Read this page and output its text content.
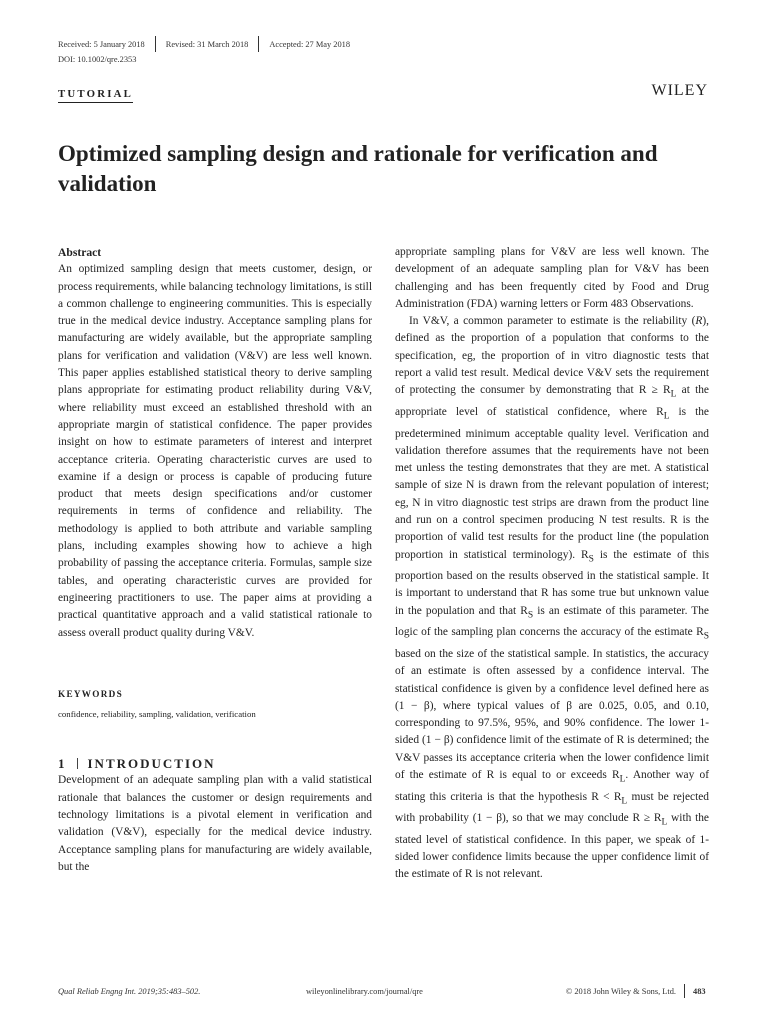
Received: 5 January 2018	Revised: 31 March 2018	Accepted: 27 May 2018
DOI: 10.1002/qre.2353
TUTORIAL	WILEY
Optimized sampling design and rationale for verification and validation
Abstract

An optimized sampling design that meets customer, design, or process requirements, while balancing technology limitations, is still a common challenge to engineering communities. This is especially true in the medical device industry. Acceptance sampling plans for manufacturing are widely available, but the appropriate sampling plans for verification and validation (V&V) are less well known. This paper applies established statistical theory to derive sampling plans appropriate for estimating product reliability during V&V, where reliability must exceed an established threshold with an appropriate margin of statistical confidence. The paper provides insight on how to estimate parameters of interest and interpret acceptance criteria. Operating characteristic curves are used to examine if a design or process is capable of producing future product that meets design specifications and/or customer requirements in terms of confidence and reliability. The methodology is applied to both attribute and variable sampling plans, including examples showing how to achieve a high probability of passing the acceptance criteria. Formulas, sample size tables, and operating characteristic curves are provided for engineering practitioners to use. The paper aims at providing a practical quantitative approach and a valid statistical rationale to assess overall product quality during V&V.

KEYWORDS
confidence, reliability, sampling, validation, verification
1 INTRODUCTION

Development of an adequate sampling plan with a valid statistical rationale that balances the customer or design requirements and technology limitations is a pivotal element in verification and validation (V&V), especially for the medical device industry. Acceptance sampling plans for manufacturing are widely available, but the

appropriate sampling plans for V&V are less well known. The development of an adequate sampling plan for V&V has been challenging and has been frequently cited by Food and Drug Administration (FDA) warning letters or Form 483 Observations.

In V&V, a common parameter to estimate is the reliability (R), defined as the proportion of a population that conforms to the specification, eg, the proportion of in vitro diagnostic tests that report a valid test result. Medical device V&V sets the requirement of protecting the consumer by demonstrating that $R \ge R_L$ at the appropriate level of statistical confidence, where $R_L$ is the predetermined minimum acceptable quality level. Verification and validation therefore assumes that the requirements have not been met unless the testing demonstrates that they are met. A statistical sample of size N is drawn from the relevant population of interest; eg, N in vitro diagnostic test strips are drawn from the product line and run on a control specimen producing N test results. R is the proportion of valid test results for the product line (the population proportion in statistical terminology). $R_S$ is the estimate of this proportion based on the results observed in the statistical sample. It is important to understand that R has some true but unknown value in the population and that $R_S$ is an estimate of this parameter. The logic of the sampling plan concerns the accuracy of the estimate $R_S$ based on the size of the statistical sample. In statistics, the accuracy of an estimate is often assessed by a confidence interval. The statistical confidence is given by a confidence level defined here as (1 − β), where typical values of β are 0.025, 0.05, and 0.10, corresponding to 97.5%, 95%, and 90% confidence. The lower 1-sided (1 − β) confidence limit of the estimate of R is determined; the V&V passes its acceptance criteria when the lower confidence limit of the estimate of R is equal to or exceeds $R_L$. Another way of stating this criteria is that the hypothesis $R < R_L$ must be rejected with probability (1 − β), so that we may conclude $R \ge R_L$ with the stated level of statistical confidence. In this paper, we speak of 1-sided lower confidence limits because the upper confidence limit of the estimate of R is not relevant.

Qual Reliab Engng Int. 2019;35:483–502.	wileyonlinelibrary.com/journal/qre	© 2018 John Wiley & Sons, Ltd. 483
